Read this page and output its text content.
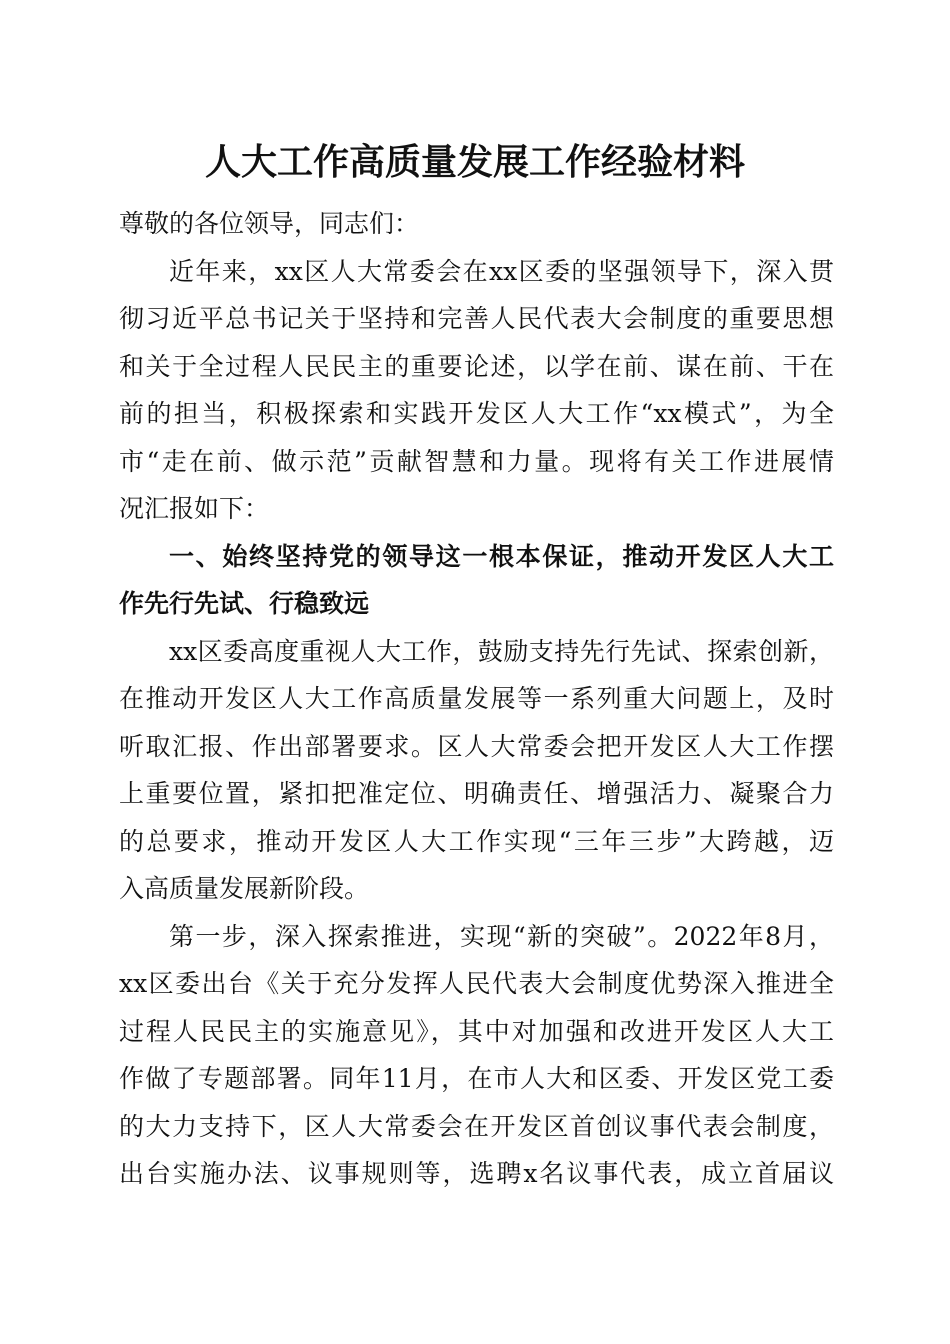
人大工作高质量发展工作经验材料
尊敬的各位领导，同志们：
近年来，xx区人大常委会在xx区委的坚强领导下，深入贯
彻习近平总书记关于坚持和完善人民代表大会制度的重要思想
和关于全过程人民民主的重要论述，以学在前、谋在前、干在
前的担当，积极探索和实践开发区人大工作“xx模式”，为全
市“走在前、做示范”贡献智慧和力量。现将有关工作进展情
况汇报如下：
一、始终坚持党的领导这一根本保证，推动开发区人大工
作先行先试、行稳致远
xx区委高度重视人大工作，鼓励支持先行先试、探索创新，
在推动开发区人大工作高质量发展等一系列重大问题上，及时
听取汇报、作出部署要求。区人大常委会把开发区人大工作摆
上重要位置，紧扣把准定位、明确责任、增强活力、凝聚合力
的总要求，推动开发区人大工作实现“三年三步”大跨越，迈
入高质量发展新阶段。
第一步，深入探索推进，实现“新的突破”。2022年8月，
xx区委出台《关于充分发挥人民代表大会制度优势深入推进全
过程人民民主的实施意见》，其中对加强和改进开发区人大工
作做了专题部署。同年11月，在市人大和区委、开发区党工委
的大力支持下，区人大常委会在开发区首创议事代表会制度，
出台实施办法、议事规则等，选聘x名议事代表，成立首届议
